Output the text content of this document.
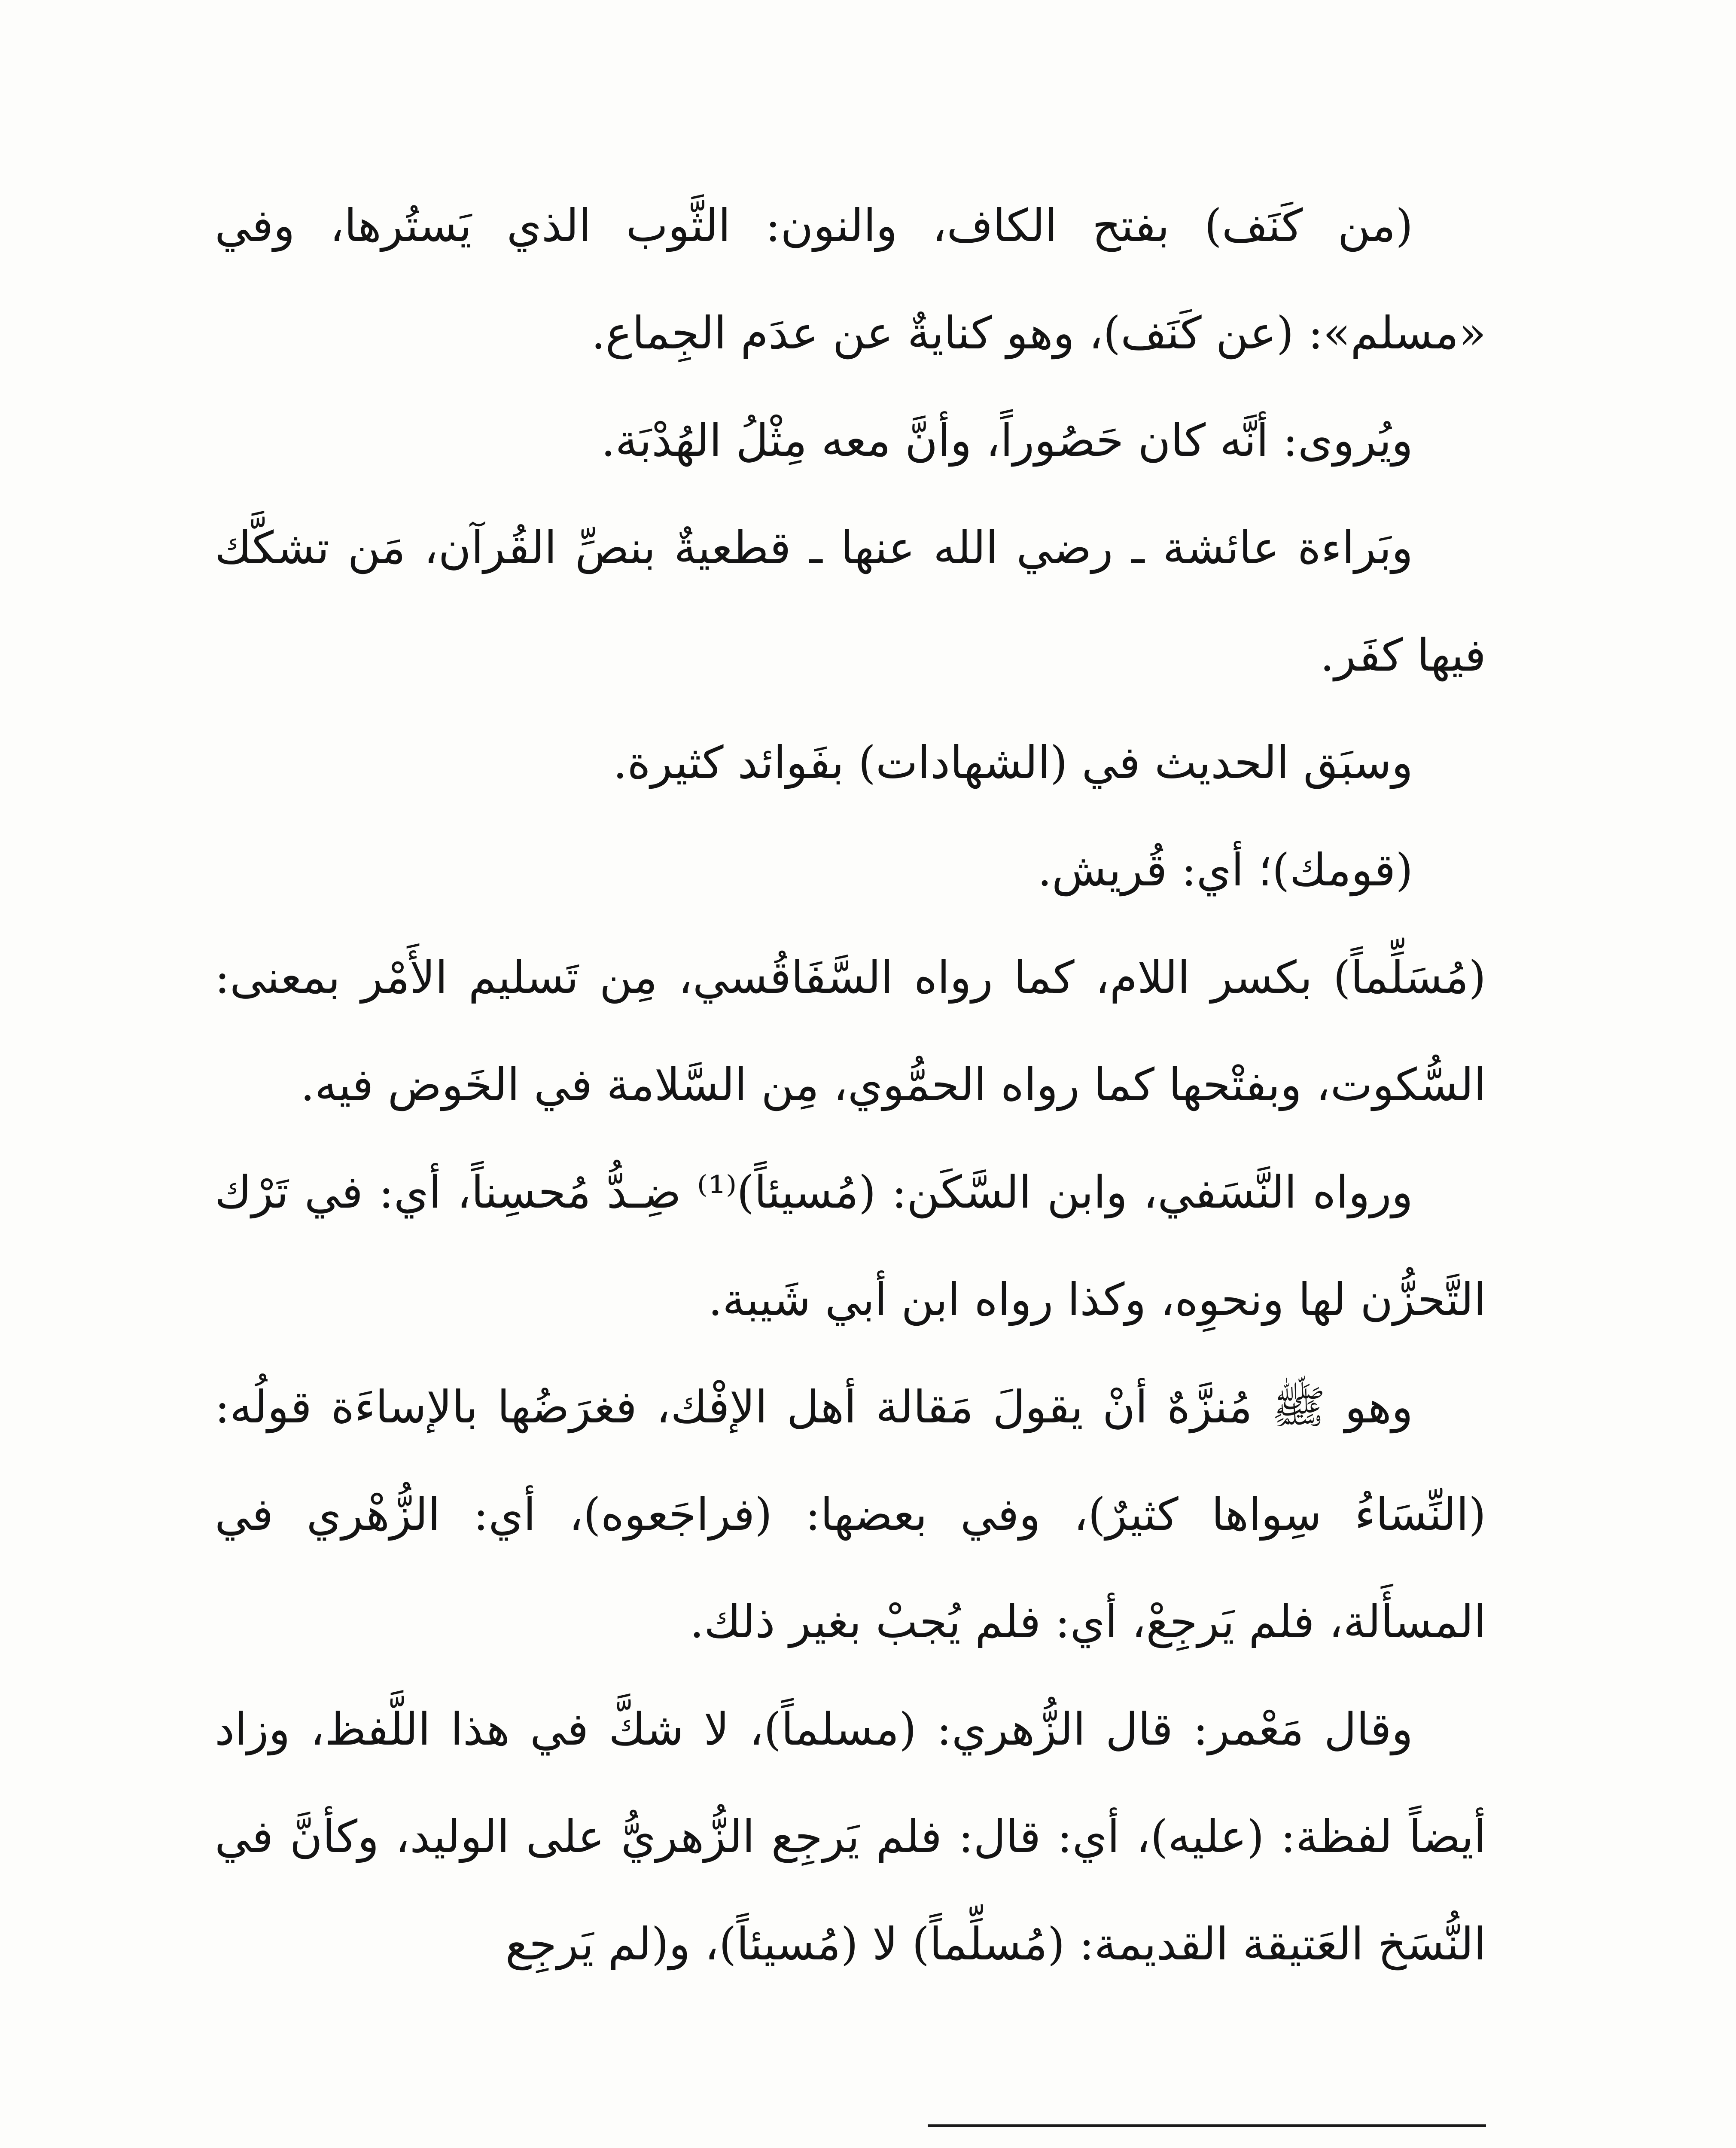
(من كَنَف) بفتح الكاف، والنون: الثَّوب الذي يَستُرها، وفي «مسلم»: (عن كَنَف)، وهو كنايةٌ عن عدَم الجِماع.

ويُروى: أنَّه كان حَصُوراً، وأنَّ معه مِثْلُ الهُدْبَة.

وبَراءة عائشة ـ رضي الله عنها ـ قطعيةٌ بنصِّ القُرآن، مَن تشكَّك فيها كفَر.

وسبَق الحديث في (الشهادات) بفَوائد كثيرة.

(قومك)؛ أي: قُريش.

(مُسَلِّماً) بكسر اللام، كما رواه السَّفَاقُسي، مِن تَسليم الأَمْر بمعنى: السُّكوت، وبفتْحها كما رواه الحمُّوي، مِن السَّلامة في الخَوض فيه.

ورواه النَّسَفي، وابن السَّكَن: (مُسيئاً)⁽¹⁾ ضِـدُّ مُحسِناً، أي: في تَرْك التَّحزُّن لها ونحوِه، وكذا رواه ابن أبي شَيبة.

وهو ﷺ مُنزَّهٌ أنْ يقولَ مَقالة أهل الإفْك، فغرَضُها بالإساءَة قولُه: (النِّسَاءُ سِواها كثيرٌ)، وفي بعضها: (فراجَعوه)، أي: الزُّهْري في المسأَلة، فلم يَرجِعْ، أي: فلم يُجبْ بغير ذلك.

وقال مَعْمر: قال الزُّهري: (مسلماً)، لا شكَّ في هذا اللَّفظ، وزاد أيضاً لفظة: (عليه)، أي: قال: فلم يَرجِع الزُّهريُّ على الوليد، وكأنَّ في النُّسَخ العَتيقة القديمة: (مُسلِّماً) لا (مُسيئاً)، و(لم يَرجِع
